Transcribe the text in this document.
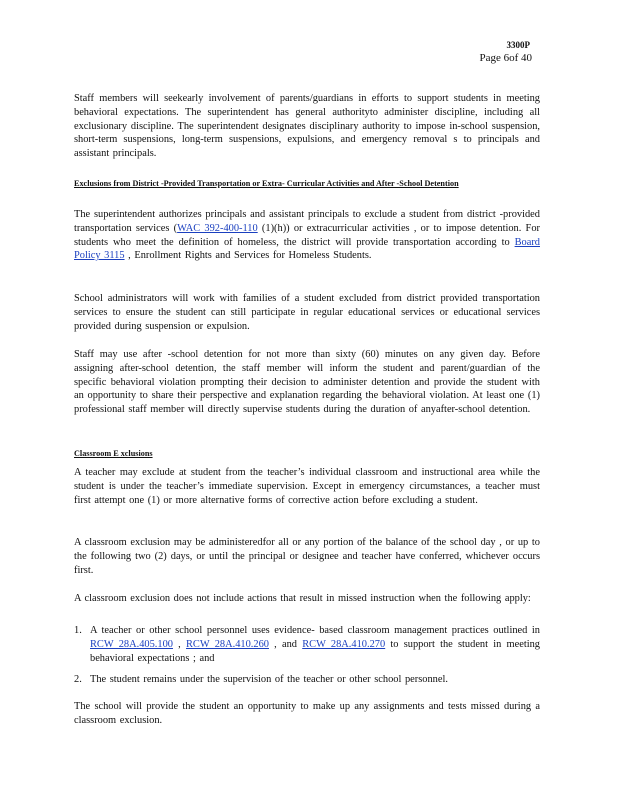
3300P
Page 6of 40
Staff members will seekearly involvement of parents/guardians in efforts to support students in meeting behavioral expectations. The superintendent has general authorityto administer discipline, including all exclusionary discipline. The superintendent designates disciplinary authority to impose in-school suspension, short-term suspensions, long-term suspensions, expulsions, and emergency removal s to principals and assistant principals.
Exclusions from District -Provided Transportation or Extra- Curricular Activities and After -School Detention
The superintendent authorizes principals and assistant principals to exclude a student from district -provided transportation services (WAC 392-400-110 (1)(h)) or extracurricular activities , or to impose detention. For students who meet the definition of homeless, the district will provide transportation according to Board Policy 3115 , Enrollment Rights and Services for Homeless Students.
School administrators will work with families of a student excluded from district provided transportation services to ensure the student can still participate in regular educational services or educational services provided during suspension or expulsion.
Staff may use after -school detention for not more than sixty (60) minutes on any given day. Before assigning after-school detention, the staff member will inform the student and parent/guardian of the specific behavioral violation prompting their decision to administer detention and provide the student with an opportunity to share their perspective and explanation regarding the behavioral violation. At least one (1) professional staff member will directly supervise students during the duration of anyafter-school detention.
Classroom E xclusions
A teacher may exclude at student from the teacher’s individual classroom and instructional area while the student is under the teacher’s immediate supervision. Except in emergency circumstances, a teacher must first attempt one (1) or more alternative forms of corrective action before excluding a student.
A classroom exclusion may be administeredfor all or any portion of the balance of the school day , or up to the following two (2) days, or until the principal or designee and teacher have conferred, whichever occurs first.
A classroom exclusion does not include actions that result in missed instruction when the following apply:
1. A teacher or other school personnel uses evidence- based classroom management practices outlined in RCW 28A.405.100 , RCW 28A.410.260 , and RCW 28A.410.270 to support the student in meeting behavioral expectations ; and
2. The student remains under the supervision of the teacher or other school personnel.
The school will provide the student an opportunity to make up any assignments and tests missed during a classroom exclusion.
